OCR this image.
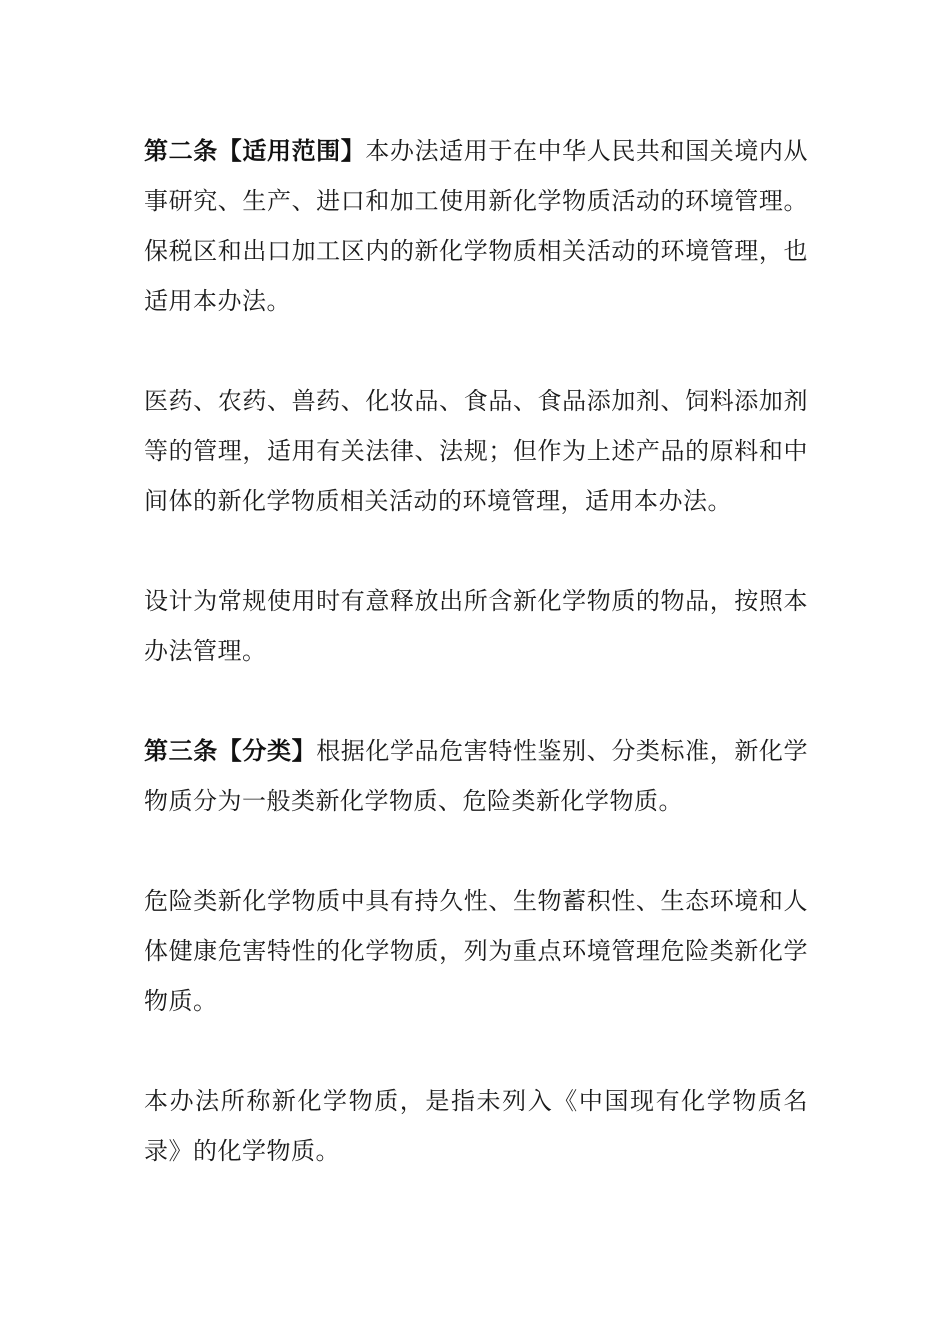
第二条【适用范围】本办法适用于在中华人民共和国关境内从事研究、生产、进口和加工使用新化学物质活动的环境管理。保税区和出口加工区内的新化学物质相关活动的环境管理，也适用本办法。

医药、农药、兽药、化妆品、食品、食品添加剂、饲料添加剂等的管理，适用有关法律、法规；但作为上述产品的原料和中间体的新化学物质相关活动的环境管理，适用本办法。

设计为常规使用时有意释放出所含新化学物质的物品，按照本办法管理。

第三条【分类】根据化学品危害特性鉴别、分类标准，新化学物质分为一般类新化学物质、危险类新化学物质。

危险类新化学物质中具有持久性、生物蓄积性、生态环境和人体健康危害特性的化学物质，列为重点环境管理危险类新化学物质。

本办法所称新化学物质，是指未列入《中国现有化学物质名录》的化学物质。
